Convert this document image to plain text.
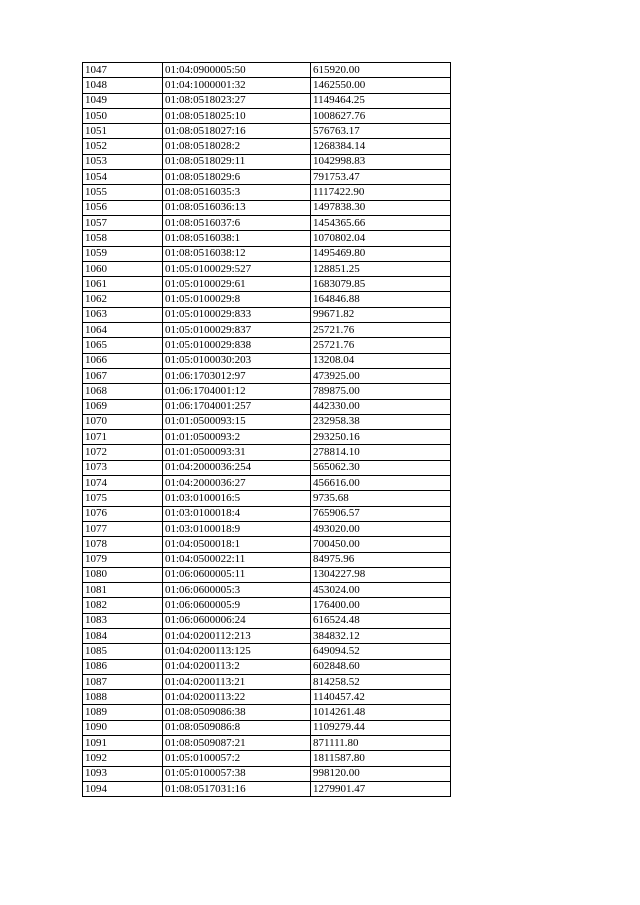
1047	01:04:0900005:50	615920.00
1048	01:04:1000001:32	1462550.00
1049	01:08:0518023:27	1149464.25
1050	01:08:0518025:10	1008627.76
1051	01:08:0518027:16	576763.17
1052	01:08:0518028:2	1268384.14
1053	01:08:0518029:11	1042998.83
1054	01:08:0518029:6	791753.47
1055	01:08:0516035:3	1117422.90
1056	01:08:0516036:13	1497838.30
1057	01:08:0516037:6	1454365.66
1058	01:08:0516038:1	1070802.04
1059	01:08:0516038:12	1495469.80
1060	01:05:0100029:527	128851.25
1061	01:05:0100029:61	1683079.85
1062	01:05:0100029:8	164846.88
1063	01:05:0100029:833	99671.82
1064	01:05:0100029:837	25721.76
1065	01:05:0100029:838	25721.76
1066	01:05:0100030:203	13208.04
1067	01:06:1703012:97	473925.00
1068	01:06:1704001:12	789875.00
1069	01:06:1704001:257	442330.00
1070	01:01:0500093:15	232958.38
1071	01:01:0500093:2	293250.16
1072	01:01:0500093:31	278814.10
1073	01:04:2000036:254	565062.30
1074	01:04:2000036:27	456616.00
1075	01:03:0100016:5	9735.68
1076	01:03:0100018:4	765906.57
1077	01:03:0100018:9	493020.00
1078	01:04:0500018:1	700450.00
1079	01:04:0500022:11	84975.96
1080	01:06:0600005:11	1304227.98
1081	01:06:0600005:3	453024.00
1082	01:06:0600005:9	176400.00
1083	01:06:0600006:24	616524.48
1084	01:04:0200112:213	384832.12
1085	01:04:0200113:125	649094.52
1086	01:04:0200113:2	602848.60
1087	01:04:0200113:21	814258.52
1088	01:04:0200113:22	1140457.42
1089	01:08:0509086:38	1014261.48
1090	01:08:0509086:8	1109279.44
1091	01:08:0509087:21	871111.80
1092	01:05:0100057:2	1811587.80
1093	01:05:0100057:38	998120.00
1094	01:08:0517031:16	1279901.47
